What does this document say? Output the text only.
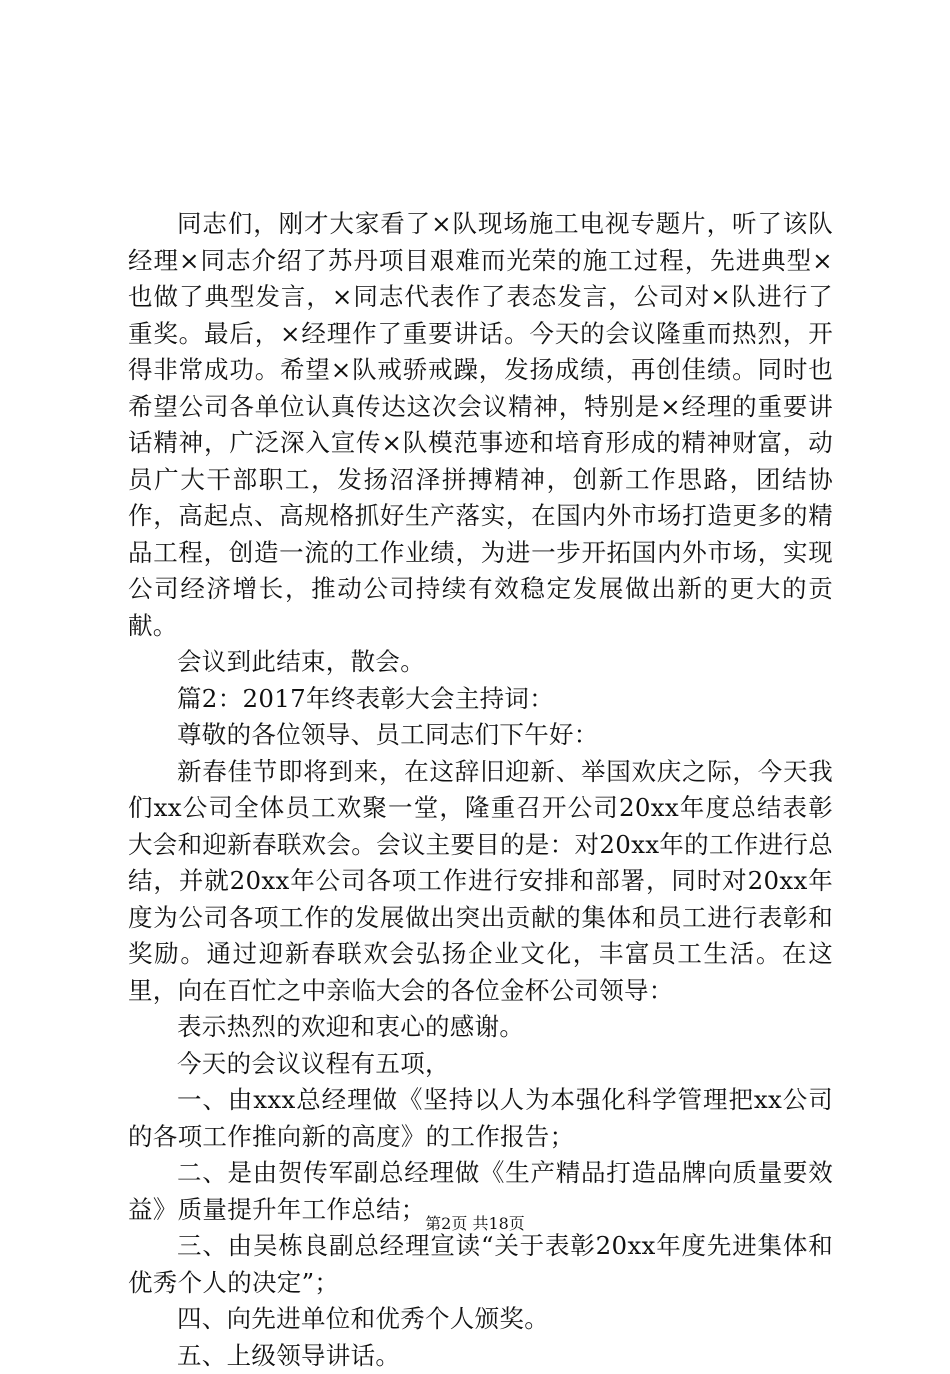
同志们，刚才大家看了×队现场施工电视专题片，听了该队经理×同志介绍了苏丹项目艰难而光荣的施工过程，先进典型×也做了典型发言，×同志代表作了表态发言，公司对×队进行了重奖。最后，×经理作了重要讲话。今天的会议隆重而热烈，开得非常成功。希望×队戒骄戒躁，发扬成绩，再创佳绩。同时也希望公司各单位认真传达这次会议精神，特别是×经理的重要讲话精神，广泛深入宣传×队模范事迹和培育形成的精神财富，动员广大干部职工，发扬沼泽拼搏精神，创新工作思路，团结协作，高起点、高规格抓好生产落实，在国内外市场打造更多的精品工程，创造一流的工作业绩，为进一步开拓国内外市场，实现公司经济增长，推动公司持续有效稳定发展做出新的更大的贡献。

会议到此结束，散会。

篇2：2017年终表彰大会主持词：

尊敬的各位领导、员工同志们下午好：

新春佳节即将到来，在这辞旧迎新、举国欢庆之际，今天我们xx公司全体员工欢聚一堂，隆重召开公司20xx年度总结表彰大会和迎新春联欢会。会议主要目的是：对20xx年的工作进行总结，并就20xx年公司各项工作进行安排和部署，同时对20xx年度为公司各项工作的发展做出突出贡献的集体和员工进行表彰和奖励。通过迎新春联欢会弘扬企业文化，丰富员工生活。在这里，向在百忙之中亲临大会的各位金杯公司领导：

表示热烈的欢迎和衷心的感谢。

今天的会议议程有五项，

一、由xxx总经理做《坚持以人为本强化科学管理把xx公司的各项工作推向新的高度》的工作报告；

二、是由贺传军副总经理做《生产精品打造品牌向质量要效益》质量提升年工作总结；

三、由吴栋良副总经理宣读“关于表彰20xx年度先进集体和优秀个人的决定”；

四、向先进单位和优秀个人颁奖。

五、上级领导讲话。

第2页 共18页
